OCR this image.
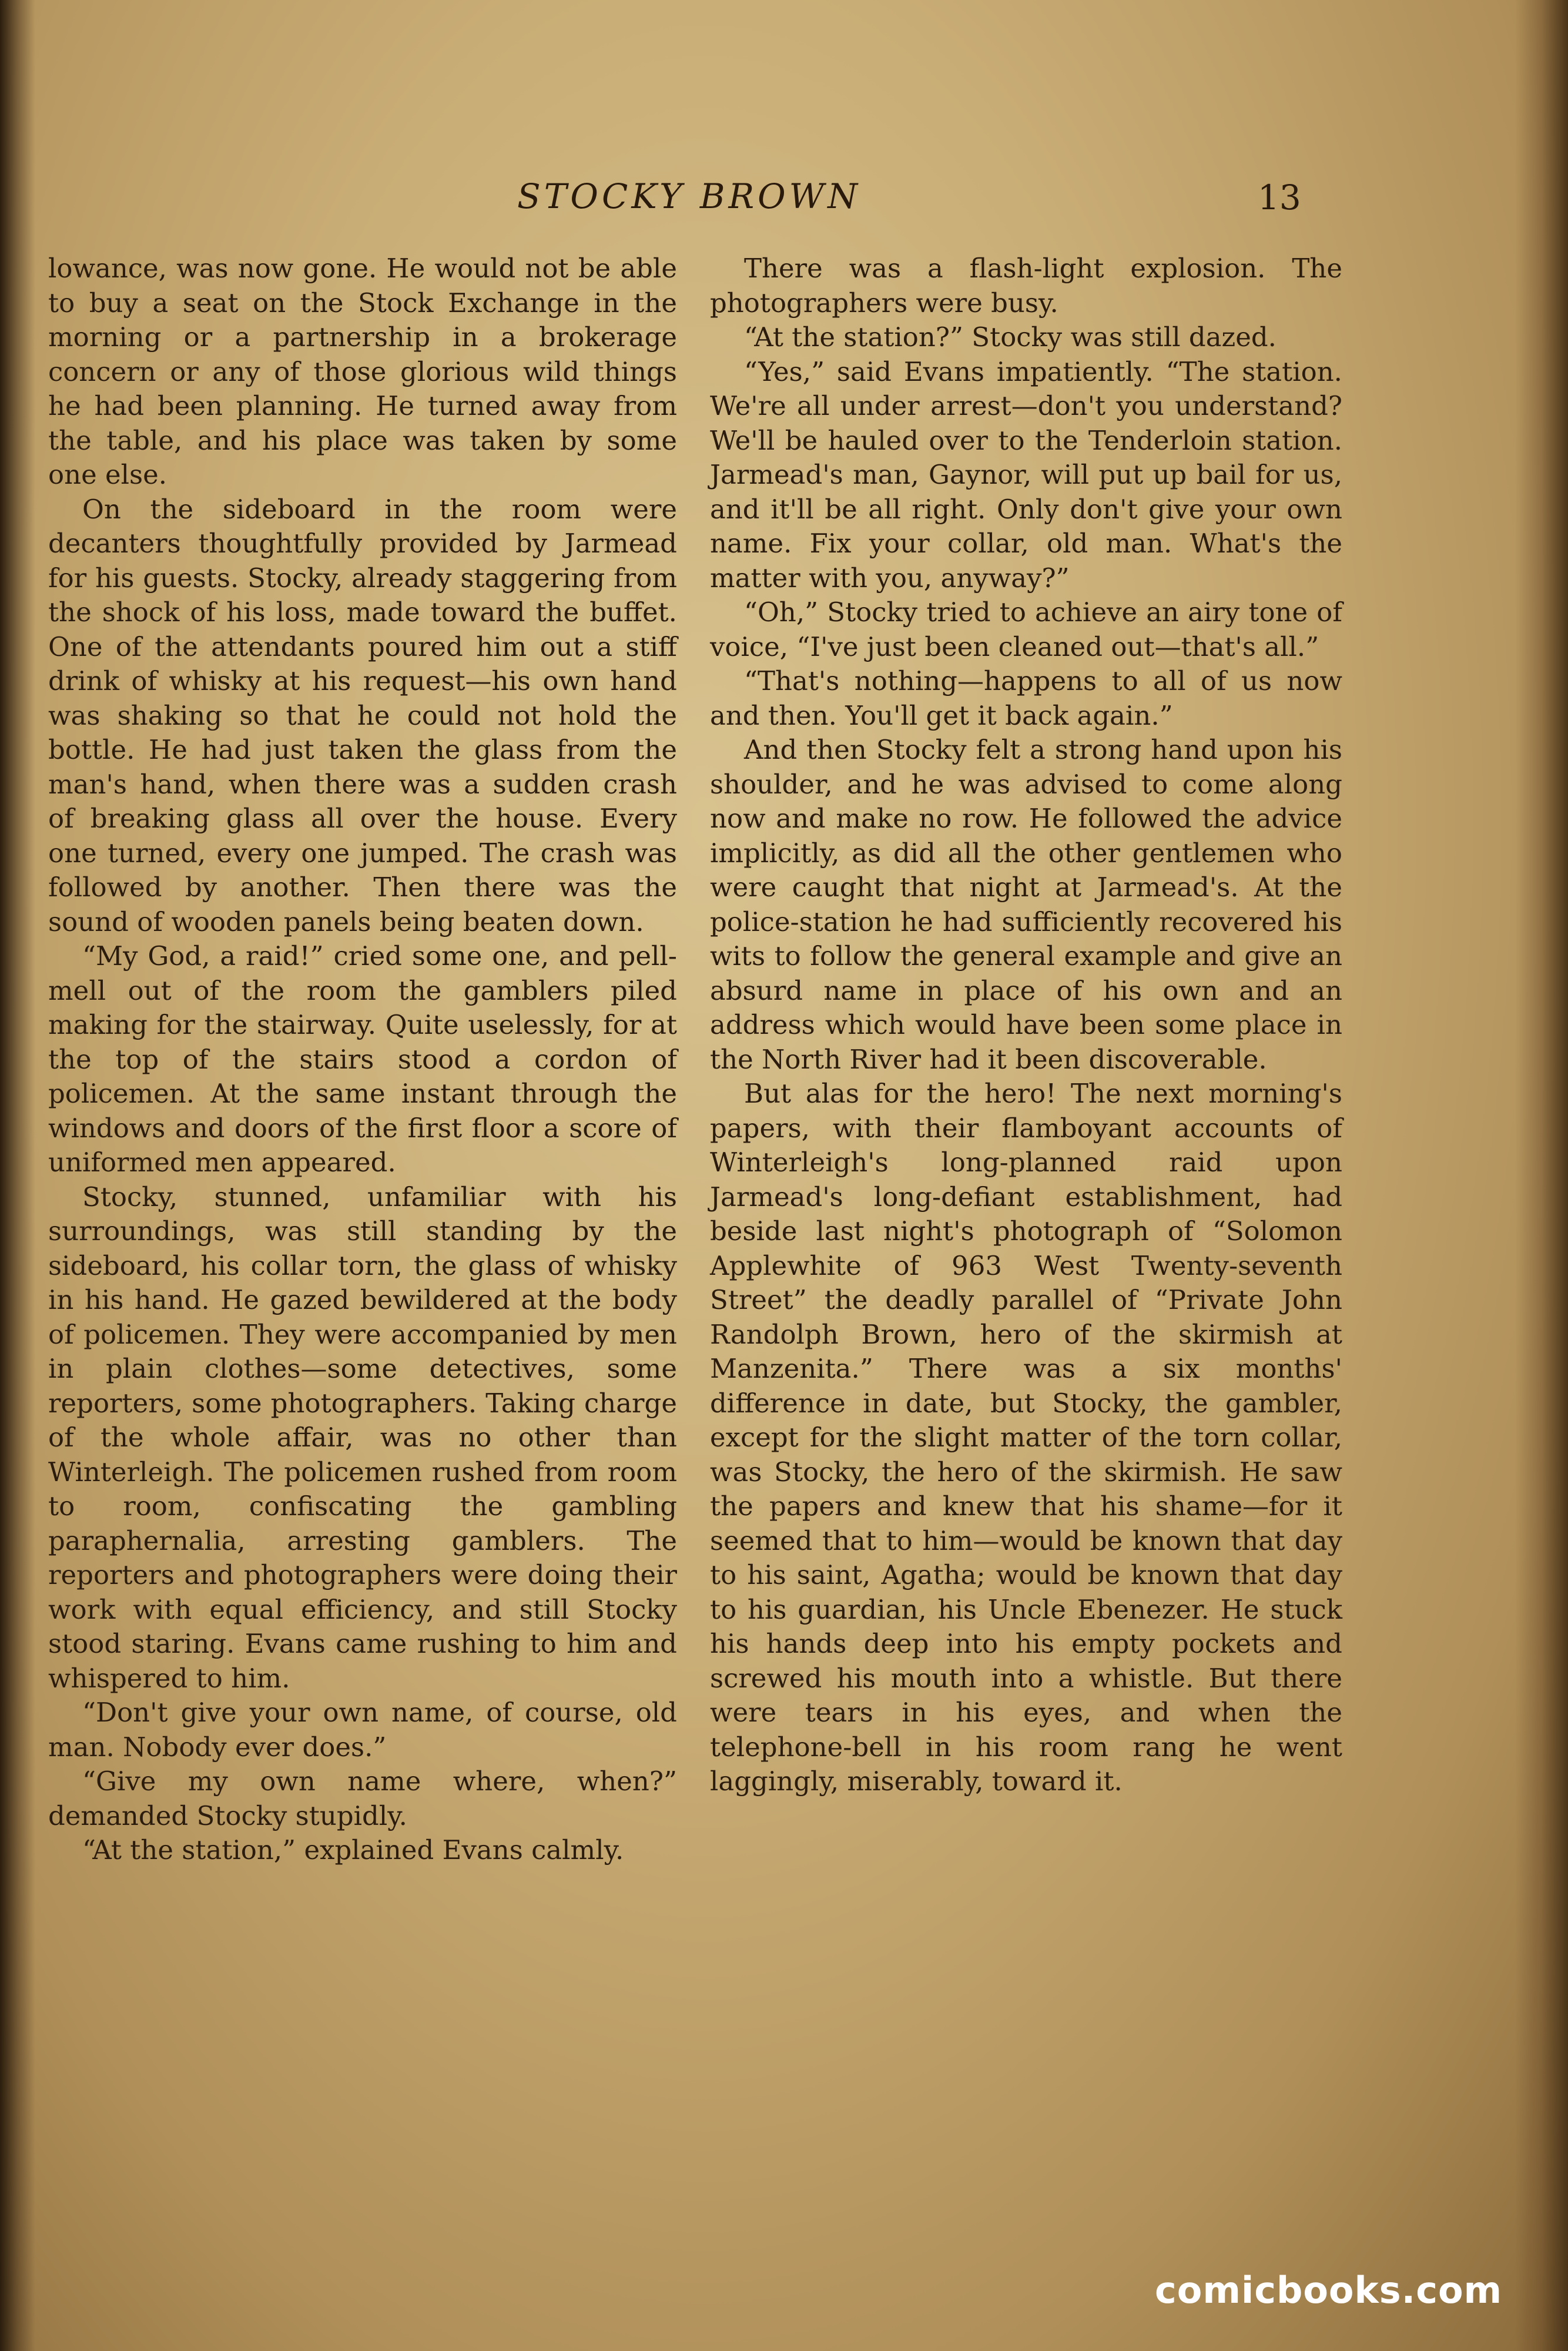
STOCKY BROWN	13

lowance, was now gone. He would not be able to buy a seat on the Stock Exchange in the morning or a partnership in a brokerage concern or any of those glorious wild things he had been planning. He turned away from the table, and his place was taken by some one else.

On the sideboard in the room were decanters thoughtfully provided by Jarmead for his guests. Stocky, already staggering from the shock of his loss, made toward the buffet. One of the attendants poured him out a stiff drink of whisky at his request—his own hand was shaking so that he could not hold the bottle. He had just taken the glass from the man's hand, when there was a sudden crash of breaking glass all over the house. Every one turned, every one jumped. The crash was followed by another. Then there was the sound of wooden panels being beaten down.

“My God, a raid!” cried some one, and pell-mell out of the room the gamblers piled making for the stairway. Quite uselessly, for at the top of the stairs stood a cordon of policemen. At the same instant through the windows and doors of the first floor a score of uniformed men appeared.

Stocky, stunned, unfamiliar with his surroundings, was still standing by the sideboard, his collar torn, the glass of whisky in his hand. He gazed bewildered at the body of policemen. They were accompanied by men in plain clothes—some detectives, some reporters, some photographers. Taking charge of the whole affair, was no other than Winterleigh. The policemen rushed from room to room, confiscating the gambling paraphernalia, arresting gamblers. The reporters and photographers were doing their work with equal efficiency, and still Stocky stood staring. Evans came rushing to him and whispered to him.

“Don't give your own name, of course, old man. Nobody ever does.”

“Give my own name where, when?” demanded Stocky stupidly.

“At the station,” explained Evans calmly.

There was a flash-light explosion. The photographers were busy.

“At the station?” Stocky was still dazed.

“Yes,” said Evans impatiently. “The station. We're all under arrest—don't you understand? We'll be hauled over to the Tenderloin station. Jarmead's man, Gaynor, will put up bail for us, and it'll be all right. Only don't give your own name. Fix your collar, old man. What's the matter with you, anyway?”

“Oh,” Stocky tried to achieve an airy tone of voice, “I've just been cleaned out—that's all.”

“That's nothing—happens to all of us now and then. You'll get it back again.”

And then Stocky felt a strong hand upon his shoulder, and he was advised to come along now and make no row. He followed the advice implicitly, as did all the other gentlemen who were caught that night at Jarmead's. At the police-station he had sufficiently recovered his wits to follow the general example and give an absurd name in place of his own and an address which would have been some place in the North River had it been discoverable.

But alas for the hero! The next morning's papers, with their flamboyant accounts of Winterleigh's long-planned raid upon Jarmead's long-defiant establishment, had beside last night's photograph of “Solomon Applewhite of 963 West Twenty-seventh Street” the deadly parallel of “Private John Randolph Brown, hero of the skirmish at Manzenita.” There was a six months' difference in date, but Stocky, the gambler, except for the slight matter of the torn collar, was Stocky, the hero of the skirmish. He saw the papers and knew that his shame—for it seemed that to him—would be known that day to his saint, Agatha; would be known that day to his guardian, his Uncle Ebenezer. He stuck his hands deep into his empty pockets and screwed his mouth into a whistle. But there were tears in his eyes, and when the telephone-bell in his room rang he went laggingly, miserably, toward it.

comicbooks.com
